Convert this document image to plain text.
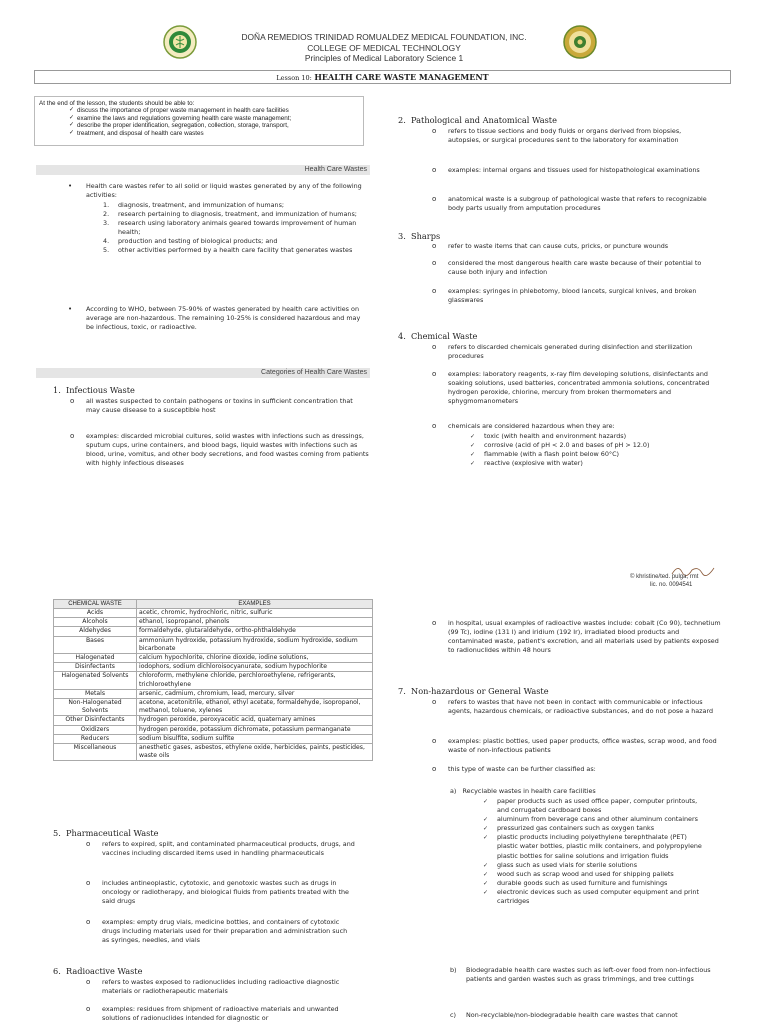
DOÑA REMEDIOS TRINIDAD ROMUALDEZ MEDICAL FOUNDATION, INC.
COLLEGE OF MEDICAL TECHNOLOGY
Principles of Medical Laboratory Science 1
Lesson 10: HEALTH CARE WASTE MANAGEMENT
At the end of the lesson, the students should be able to:
✓ discuss the importance of proper waste management in health care facilities
✓ examine the laws and regulations governing health care waste management;
✓ describe the proper identification, segregation, collection, storage, transport,
✓ treatment, and disposal of health care wastes
Health Care Wastes
• Health care wastes refer to all solid or liquid wastes generated by any of the following activities:
1. diagnosis, treatment, and immunization of humans;
2. research pertaining to diagnosis, treatment, and immunization of humans;
3. research using laboratory animals geared towards improvement of human health;
4. production and testing of biological products; and
5. other activities performed by a health care facility that generates wastes
• According to WHO, between 75-90% of wastes generated by health care activities on average are non-hazardous. The remaining 10-25% is considered hazardous and may be infectious, toxic, or radioactive.
Categories of Health Care Wastes
1. Infectious Waste
o all wastes suspected to contain pathogens or toxins in sufficient concentration that may cause disease to a susceptible host
o examples: discarded microbial cultures, solid wastes with infections such as dressings, sputum cups, urine containers, and blood bags, liquid wastes with infections such as blood, urine, vomitus, and other body secretions, and food wastes coming from patients with highly infectious diseases
2. Pathological and Anatomical Waste
o refers to tissue sections and body fluids or organs derived from biopsies, autopsies, or surgical procedures sent to the laboratory for examination
o examples: internal organs and tissues used for histopathological examinations
o anatomical waste is a subgroup of pathological waste that refers to recognizable body parts usually from amputation procedures
3. Sharps
o refer to waste items that can cause cuts, pricks, or puncture wounds
o considered the most dangerous health care waste because of their potential to cause both injury and infection
o examples: syringes in phlebotomy, blood lancets, surgical knives, and broken glasswares
4. Chemical Waste
o refers to discarded chemicals generated during disinfection and sterilization procedures
o examples: laboratory reagents, x-ray film developing solutions, disinfectants and soaking solutions, used batteries, concentrated ammonia solutions, concentrated hydrogen peroxide, chlorine, mercury from broken thermometers and sphygmomanometers
o chemicals are considered hazardous when they are:
✓ toxic (with health and environment hazards)
✓ corrosive (acid of pH < 2.0 and bases of pH > 12.0)
✓ flammable (with a flash point below 60°C)
✓ reactive (explosive with water)
© khristine/ted. pulga, rmt
lic. no. 0094541
CHEMICAL WASTE	EXAMPLES
Acids	acetic, chromic, hydrochloric, nitric, sulfuric
Alcohols	ethanol, isopropanol, phenols
Aldehydes	formaldehyde, glutaraldehyde, ortho-phthaldehyde
Bases	ammonium hydroxide, potassium hydroxide, sodium hydroxide, sodium bicarbonate
Halogenated	calcium hypochlorite, chlorine dioxide, iodine solutions,
Disinfectants	iodophors, sodium dichloroisocyanurate, sodium hypochlorite
Halogenated Solvents	chloroform, methylene chloride, perchloroethylene, refrigerants, trichloroethylene
Metals	arsenic, cadmium, chromium, lead, mercury, silver
Non-Halogenated Solvents	acetone, acetonitrile, ethanol, ethyl acetate, formaldehyde, isopropanol, methanol, toluene, xylenes
Other Disinfectants	hydrogen peroxide, peroxyacetic acid, quaternary amines
Oxidizers	hydrogen peroxide, potassium dichromate, potassium permanganate
Reducers	sodium bisulfite, sodium sulfite
Miscellaneous	anesthetic gases, asbestos, ethylene oxide, herbicides, paints, pesticides, waste oils
5. Pharmaceutical Waste
o refers to expired, spilt, and contaminated pharmaceutical products, drugs, and vaccines including discarded items used in handling pharmaceuticals
o includes antineoplastic, cytotoxic, and genotoxic wastes such as drugs in oncology or radiotherapy, and biological fluids from patients treated with the said drugs
o examples: empty drug vials, medicine bottles, and containers of cytotoxic drugs including materials used for their preparation and administration such as syringes, needles, and vials
6. Radioactive Waste
o refers to wastes exposed to radionuclides including radioactive diagnostic materials or radiotherapeutic materials
o examples: residues from shipment of radioactive materials and unwanted solutions of radionuclides intended for diagnostic or
o in hospital, usual examples of radioactive wastes include: cobalt (Co 90), technetium (99 Tc), iodine (131 I) and iridium (192 Ir), irradiated blood products and contaminated waste, patient's excretion, and all materials used by patients exposed to radionuclides within 48 hours
7. Non-hazardous or General Waste
o refers to wastes that have not been in contact with communicable or infectious agents, hazardous chemicals, or radioactive substances, and do not pose a hazard
o examples: plastic bottles, used paper products, office wastes, scrap wood, and food waste of non-infectious patients
o this type of waste can be further classified as:
a) Recyclable wastes in health care facilities
✓ paper products such as used office paper, computer printouts, and corrugated cardboard boxes
✓ aluminum from beverage cans and other aluminum containers
✓ pressurized gas containers such as oxygen tanks
✓ plastic products including polyethylene terephthalate (PET) plastic water bottles, plastic milk containers, and polypropylene plastic bottles for saline solutions and irrigation fluids
✓ glass such as used vials for sterile solutions
✓ wood such as scrap wood and used for shipping pallets
✓ durable goods such as used furniture and furnishings
✓ electronic devices such as used computer equipment and print cartridges
b) Biodegradable health care wastes such as left-over food from non-infectious patients and garden wastes such as grass trimmings, and tree cuttings
c) Non-recyclable/non-biodegradable health care wastes that cannot
